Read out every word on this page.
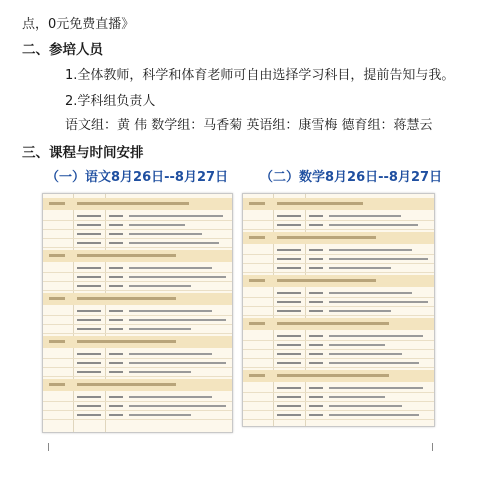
点，0元免费直播》
二、参培人员
1.全体教师，科学和体育老师可自由选择学习科目，提前告知与我。
2.学科组负责人
语文组：黄 伟 数学组：马香菊 英语组：康雪梅 德育组：蒋慧云
三、课程与时间安排
（一）语文8月26日--8月27日 （二）数学8月26日--8月27日
